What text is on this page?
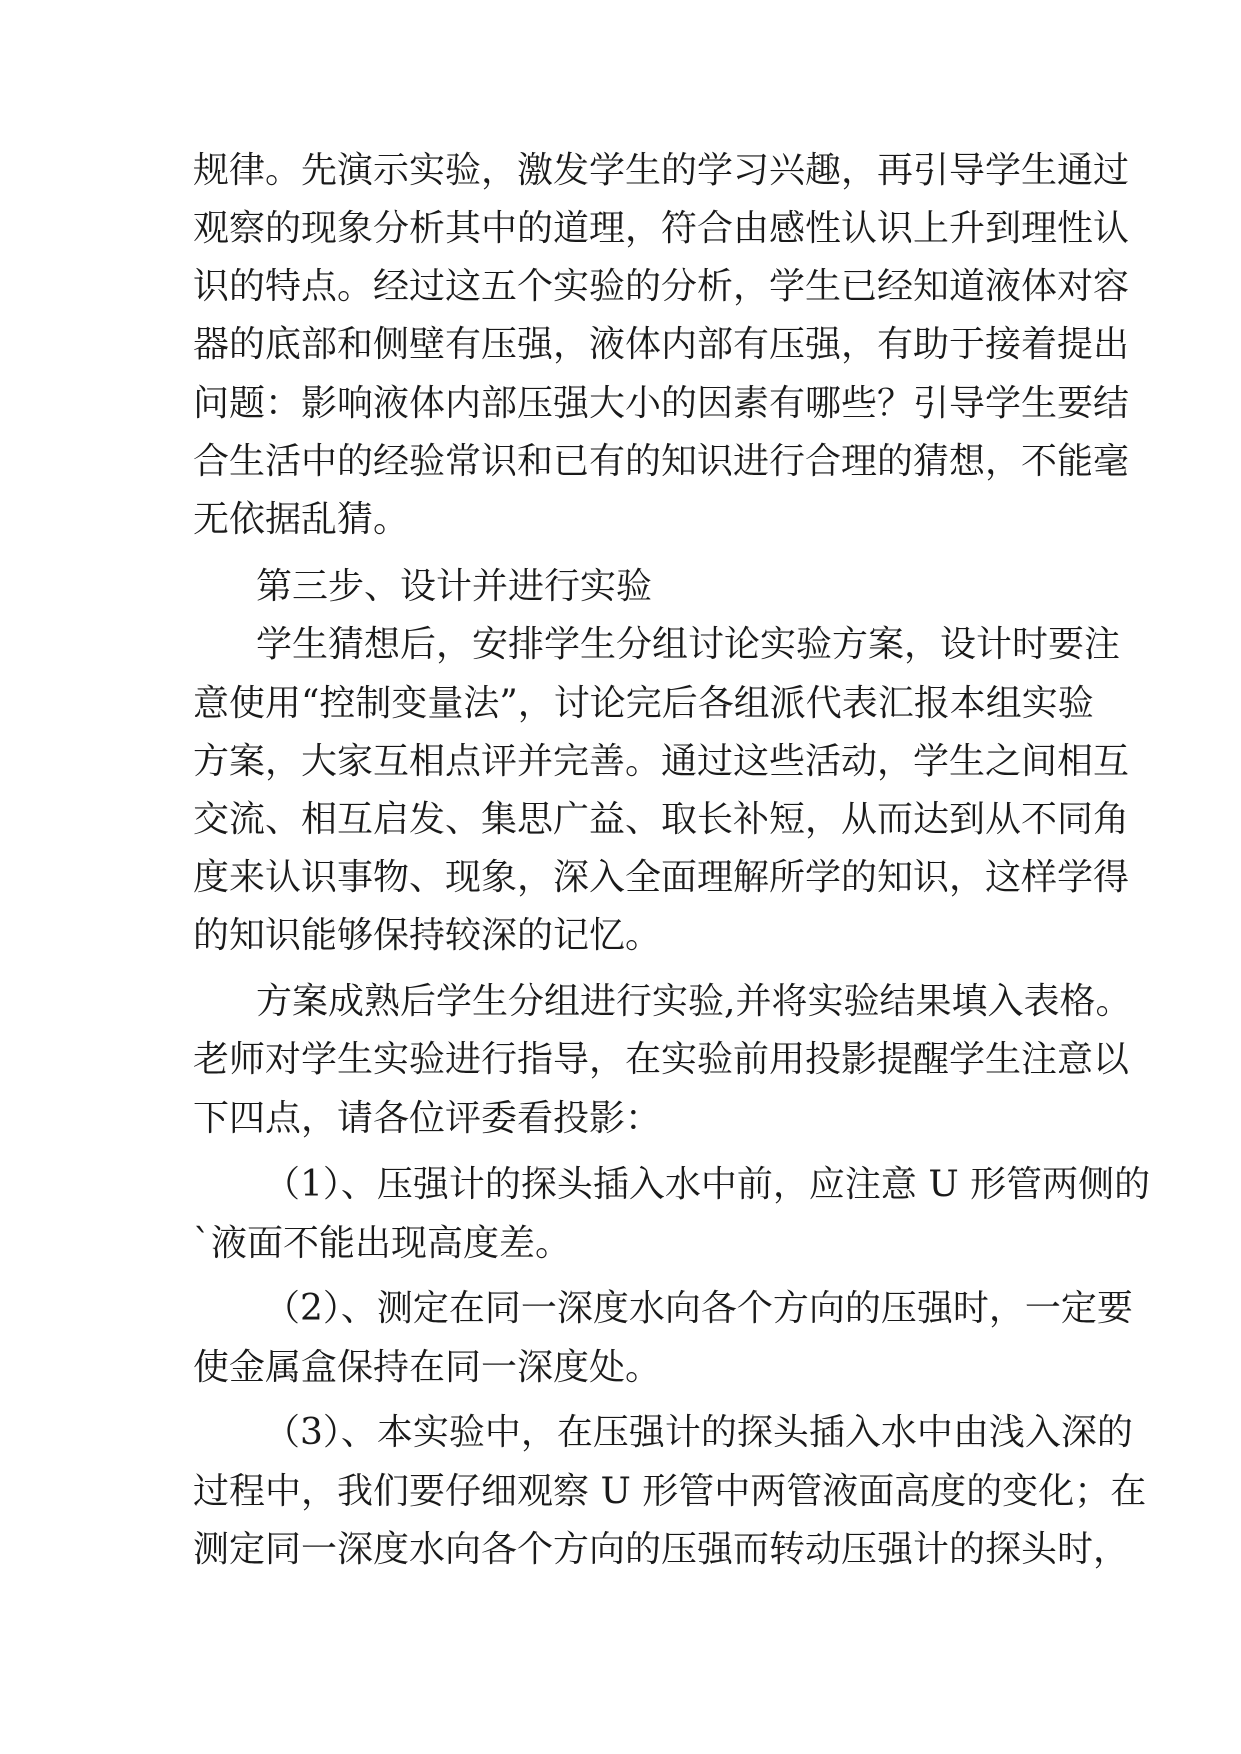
规律。先演示实验，激发学生的学习兴趣，再引导学生通过
观察的现象分析其中的道理，符合由感性认识上升到理性认
识的特点。经过这五个实验的分析，学生已经知道液体对容
器的底部和侧壁有压强，液体内部有压强，有助于接着提出
问题：影响液体内部压强大小的因素有哪些？引导学生要结
合生活中的经验常识和已有的知识进行合理的猜想，不能毫
无依据乱猜。
第三步、设计并进行实验
学生猜想后，安排学生分组讨论实验方案，设计时要注
意使用“控制变量法”，讨论完后各组派代表汇报本组实验
方案，大家互相点评并完善。通过这些活动，学生之间相互
交流、相互启发、集思广益、取长补短，从而达到从不同角
度来认识事物、现象，深入全面理解所学的知识，这样学得
的知识能够保持较深的记忆。
方案成熟后学生分组进行实验,并将实验结果填入表格。
老师对学生实验进行指导，在实验前用投影提醒学生注意以
下四点，请各位评委看投影：
（1）、压强计的探头插入水中前，应注意 U 形管两侧的
`液面不能出现高度差。
（2）、测定在同一深度水向各个方向的压强时，一定要
使金属盒保持在同一深度处。
（3）、本实验中，在压强计的探头插入水中由浅入深的
过程中，我们要仔细观察 U 形管中两管液面高度的变化；在
测定同一深度水向各个方向的压强而转动压强计的探头时，
